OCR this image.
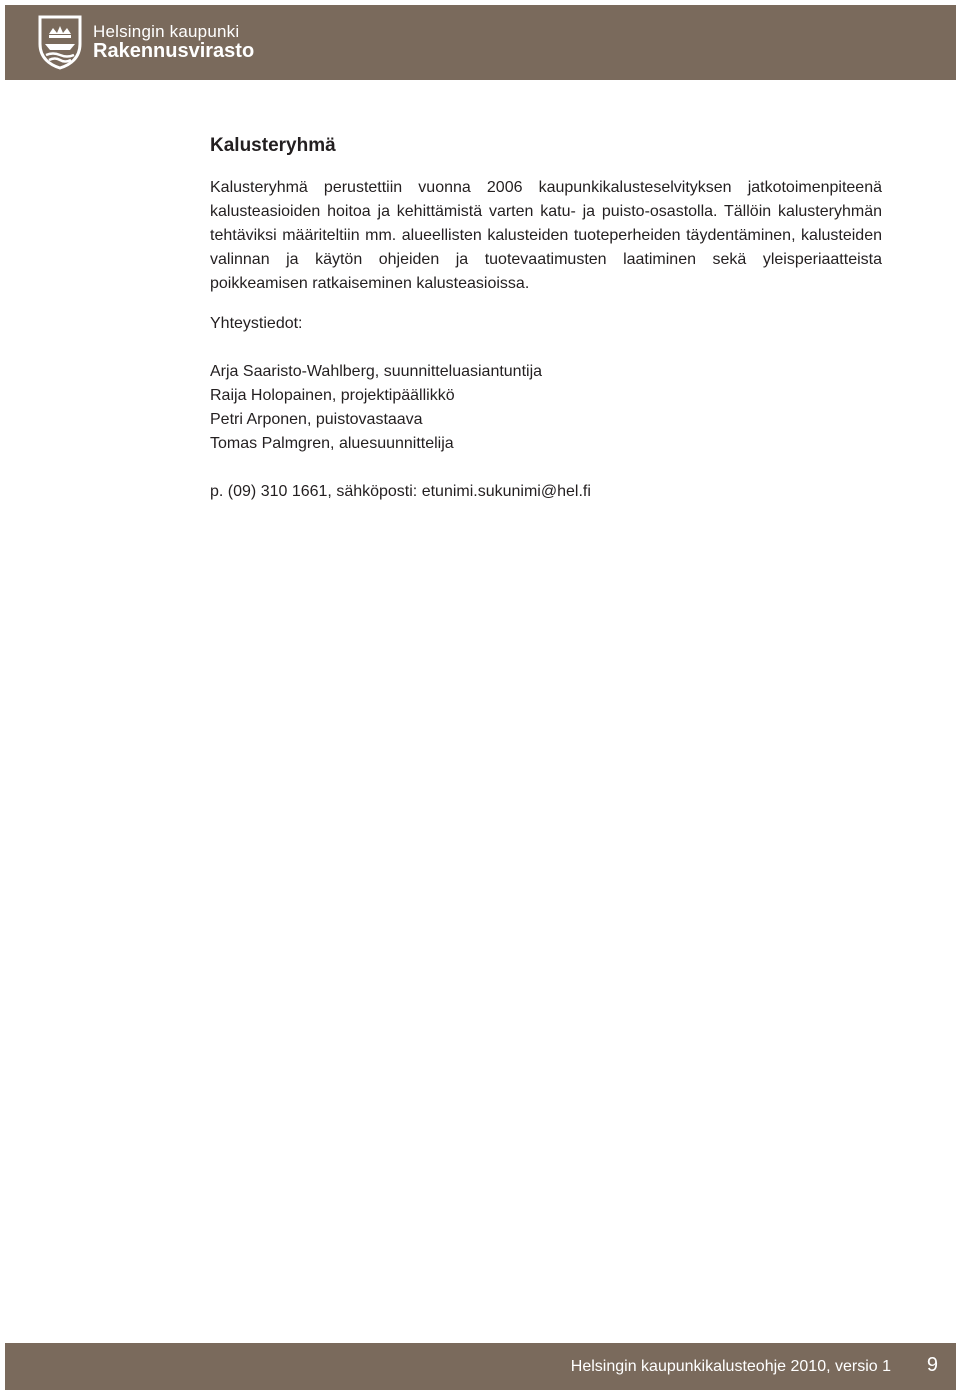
Helsingin kaupunki
Rakennusvirasto
Kalusteryhmä

Kalusteryhmä perustettiin vuonna 2006 kaupunkikalusteselvityksen jatkotoimenpiteenä kalusteasioiden hoitoa ja kehittämistä varten katu- ja puisto-osastolla. Tällöin kalusteryhmän tehtäviksi määriteltiin mm. alueellisten kalusteiden tuoteperheiden täydentäminen, kalusteiden valinnan ja käytön ohjeiden ja tuotevaatimusten laatiminen sekä yleisperiaatteista poikkeamisen ratkaiseminen kalusteasioissa.

Yhteystiedot:

Arja Saaristo-Wahlberg, suunnitteluasiantuntija
Raija Holopainen, projektipäällikkö
Petri Arponen, puistovastaava
Tomas Palmgren, aluesuunnittelija

p. (09) 310 1661, sähköposti: etunimi.sukunimi@hel.fi

Helsingin kaupunkikalusteohje 2010, versio 1 9
